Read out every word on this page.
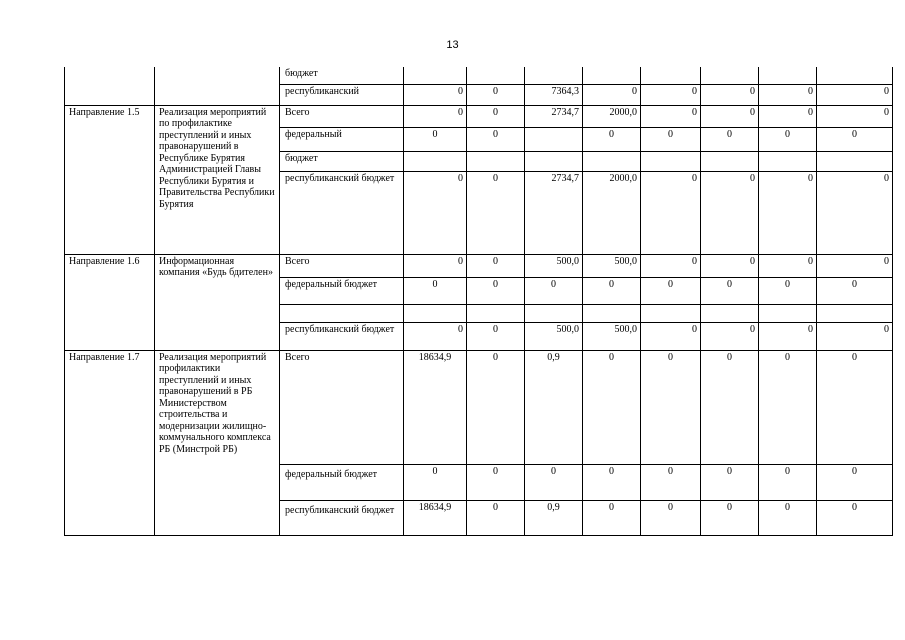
13
		бюджет								
		республиканский	0	0	7364,3	0	0	0	0	0
Направление 1.5	Реализация мероприятий по профилактике преступлений и иных правонарушений в Республике Бурятия Администрацией Главы Республики Бурятия и Правительства Республики Бурятия	Всего	0	0	2734,7	2000,0	0	0	0	0
		федеральный	0	0		0	0	0	0	0
		бюджет								
		республиканский бюджет	0	0	2734,7	2000,0	0	0	0	0
Направление 1.6	Информационная компания «Будь бдителен»	Всего	0	0	500,0	500,0	0	0	0	0
		федеральный бюджет	0	0	0	0	0	0	0	0

		республиканский бюджет	0	0	500,0	500,0	0	0	0	0
Направление 1.7	Реализация мероприятий профилактики преступлений и иных правонарушений в РБ Министерством строительства и модернизации жилищно-коммунального комплекса РБ (Минстрой РБ)	Всего	18634,9	0	0,9	0	0	0	0	0
		федеральный бюджет	0	0	0	0	0	0	0	0
		республиканский бюджет	18634,9	0	0,9	0	0	0	0	0
